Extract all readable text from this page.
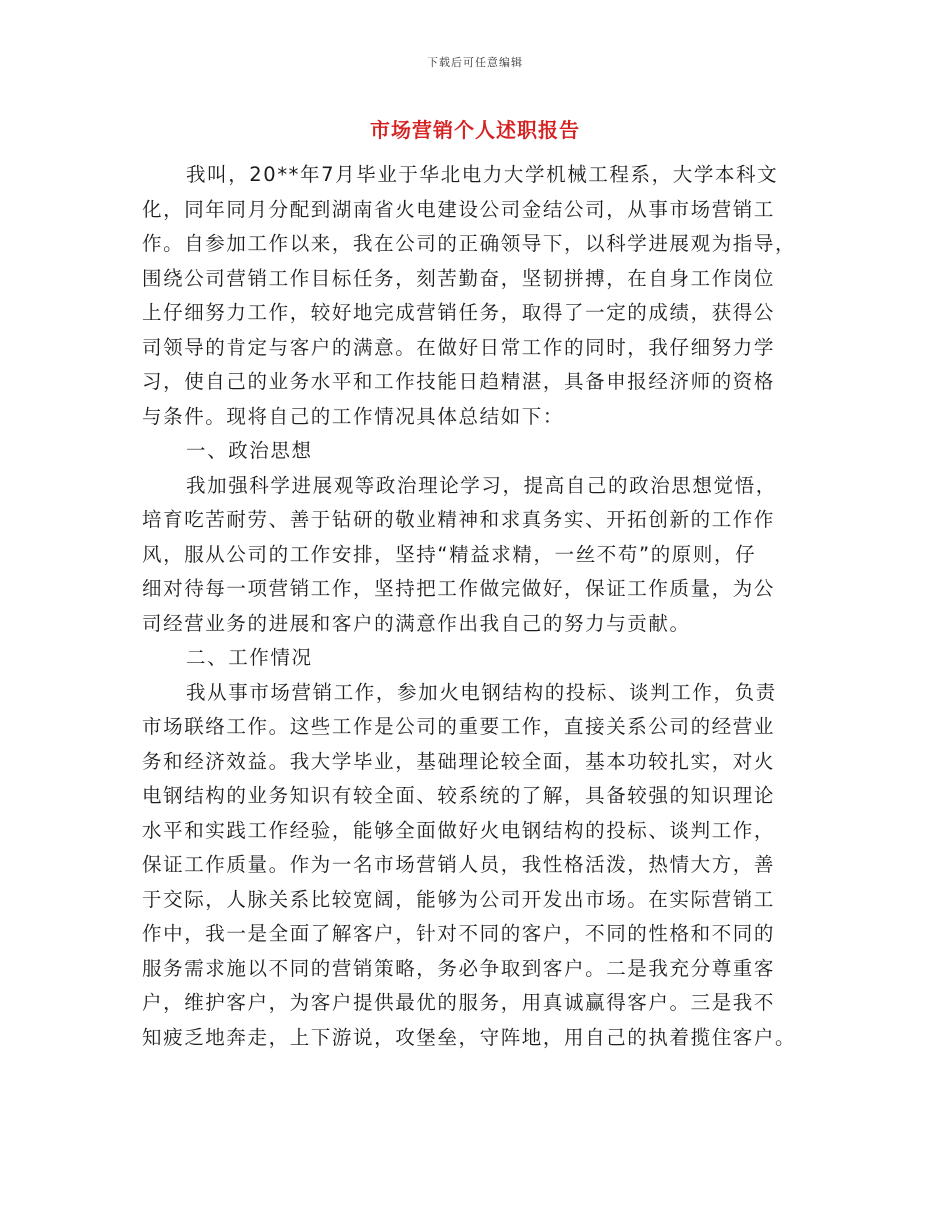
下载后可任意编辑
市场营销个人述职报告
我叫，20**年7月毕业于华北电力大学机械工程系，大学本科文
化，同年同月分配到湖南省火电建设公司金结公司，从事市场营销工
作。自参加工作以来，我在公司的正确领导下，以科学进展观为指导，
围绕公司营销工作目标任务，刻苦勤奋，坚韧拼搏，在自身工作岗位
上仔细努力工作，较好地完成营销任务，取得了一定的成绩，获得公
司领导的肯定与客户的满意。在做好日常工作的同时，我仔细努力学
习，使自己的业务水平和工作技能日趋精湛，具备申报经济师的资格
与条件。现将自己的工作情况具体总结如下：
一、政治思想
我加强科学进展观等政治理论学习，提高自己的政治思想觉悟，
培育吃苦耐劳、善于钻研的敬业精神和求真务实、开拓创新的工作作
风，服从公司的工作安排，坚持“精益求精，一丝不苟”的原则，仔
细对待每一项营销工作，坚持把工作做完做好，保证工作质量，为公
司经营业务的进展和客户的满意作出我自己的努力与贡献。
二、工作情况
我从事市场营销工作，参加火电钢结构的投标、谈判工作，负责
市场联络工作。这些工作是公司的重要工作，直接关系公司的经营业
务和经济效益。我大学毕业，基础理论较全面，基本功较扎实，对火
电钢结构的业务知识有较全面、较系统的了解，具备较强的知识理论
水平和实践工作经验，能够全面做好火电钢结构的投标、谈判工作，
保证工作质量。作为一名市场营销人员，我性格活泼，热情大方，善
于交际，人脉关系比较宽阔，能够为公司开发出市场。在实际营销工
作中，我一是全面了解客户，针对不同的客户，不同的性格和不同的
服务需求施以不同的营销策略，务必争取到客户。二是我充分尊重客
户，维护客户，为客户提供最优的服务，用真诚赢得客户。三是我不
知疲乏地奔走，上下游说，攻堡垒，守阵地，用自己的执着揽住客户。
